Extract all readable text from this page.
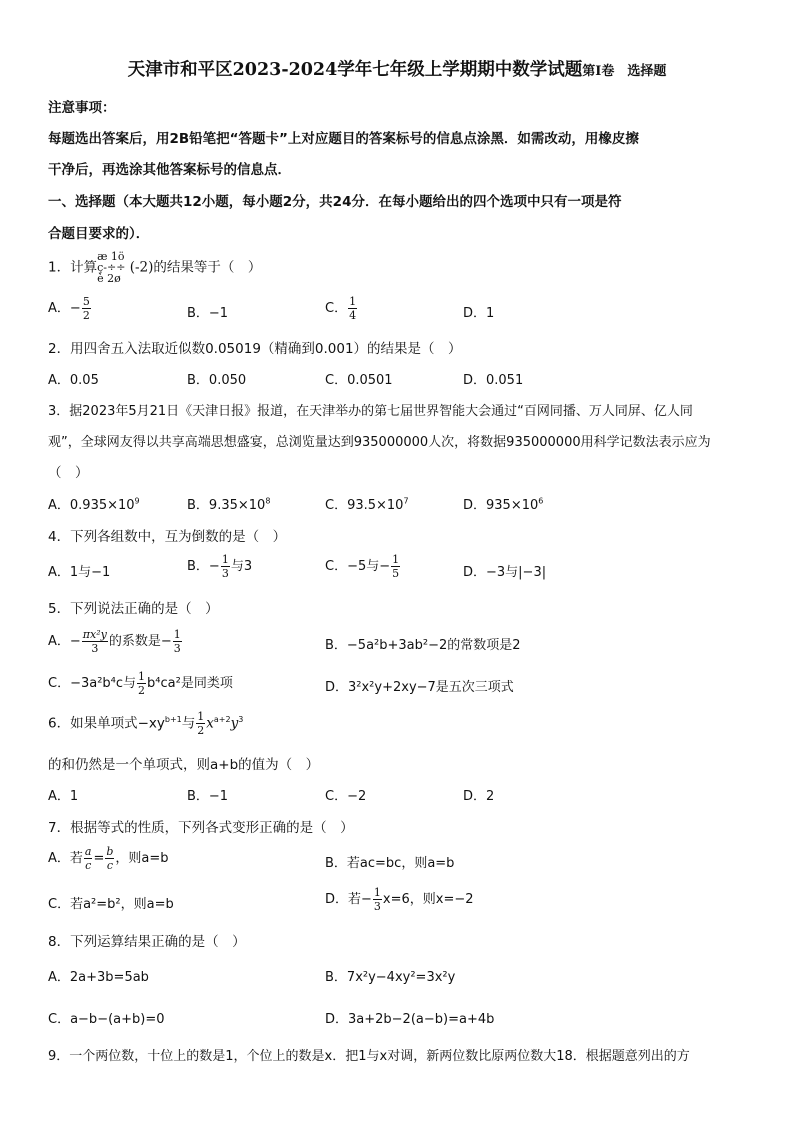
天津市和平区2023-2024学年七年级上学期期中数学试题第I卷　选择题
注意事项：
每题选出答案后，用2B铅笔把“答题卡”上对应题目的答案标号的信息点涂黑．如需改动，用橡皮擦
干净后，再选涂其他答案标号的信息点．
一、选择题（本大题共12小题，每小题2分，共24分．在每小题给出的四个选项中只有一项是符
合题目要求的）．
1．计算
æ 1ö
ç-÷÷
è 2ø
(-2)的结果等于（　）
A．− $\frac{5}{2}$	B．−1	C． $\frac{1}{4}$	D．1
2．用四舍五入法取近似数0.05019（精确到0.001）的结果是（　）
A．0.05	B．0.050	C．0.0501	D．0.051
3．据2023年5月21日《天津日报》报道，在天津举办的第七届世界智能大会通过“百网同播、万人同屏、亿人同
观”，全球网友得以共享高端思想盛宴，总浏览量达到935000000人次，将数据935000000用科学记数法表示应为
（　）
A．$0.935\times 10^9$	B．$9.35\times 10^8$	C．$93.5\times 10^7$	D．$935\times 10^6$
4．下列各组数中，互为倒数的是（　）
A．1与−1	B．− $\frac{1}{3}$ 与3	C．−5与− $\frac{1}{5}$	D．−3与|−3|
5．下列说法正确的是（　）
A．− $\frac{\text{πx²y}}{3}$ 的系数是− $\frac{1}{3}$	B．−5a²b+3ab²−2的常数项是2
C．−3a²b⁴c与 $\frac{1}{2} b^4ca^2$是同类项	D．3²x²y+2xy−7是五次三项式
6．如果单项式$-xy^{b+1}$与 $\frac{1}{2} x^{a+2}y^3$
的和仍然是一个单项式，则a+b的值为（　）
A．1	B．−1	C．−2	D．2
7．根据等式的性质，下列各式变形正确的是（　）
A．若 $\frac{a}{c} = \frac{b}{c}$ ，则a=b	B．若ac=bc，则a=b
C．若a²=b²，则a=b	D．若− $\frac{1}{3} x=6$，则x=−2
8．下列运算结果正确的是（　）
A．2a+3b=5ab	B．7x²y−4xy²=3x²y
C．a−b−(a+b)=0	D．3a+2b−2(a−b)=a+4b
9．一个两位数，十位上的数是1，个位上的数是x．把1与x对调，新两位数比原两位数大18．根据题意列出的方
